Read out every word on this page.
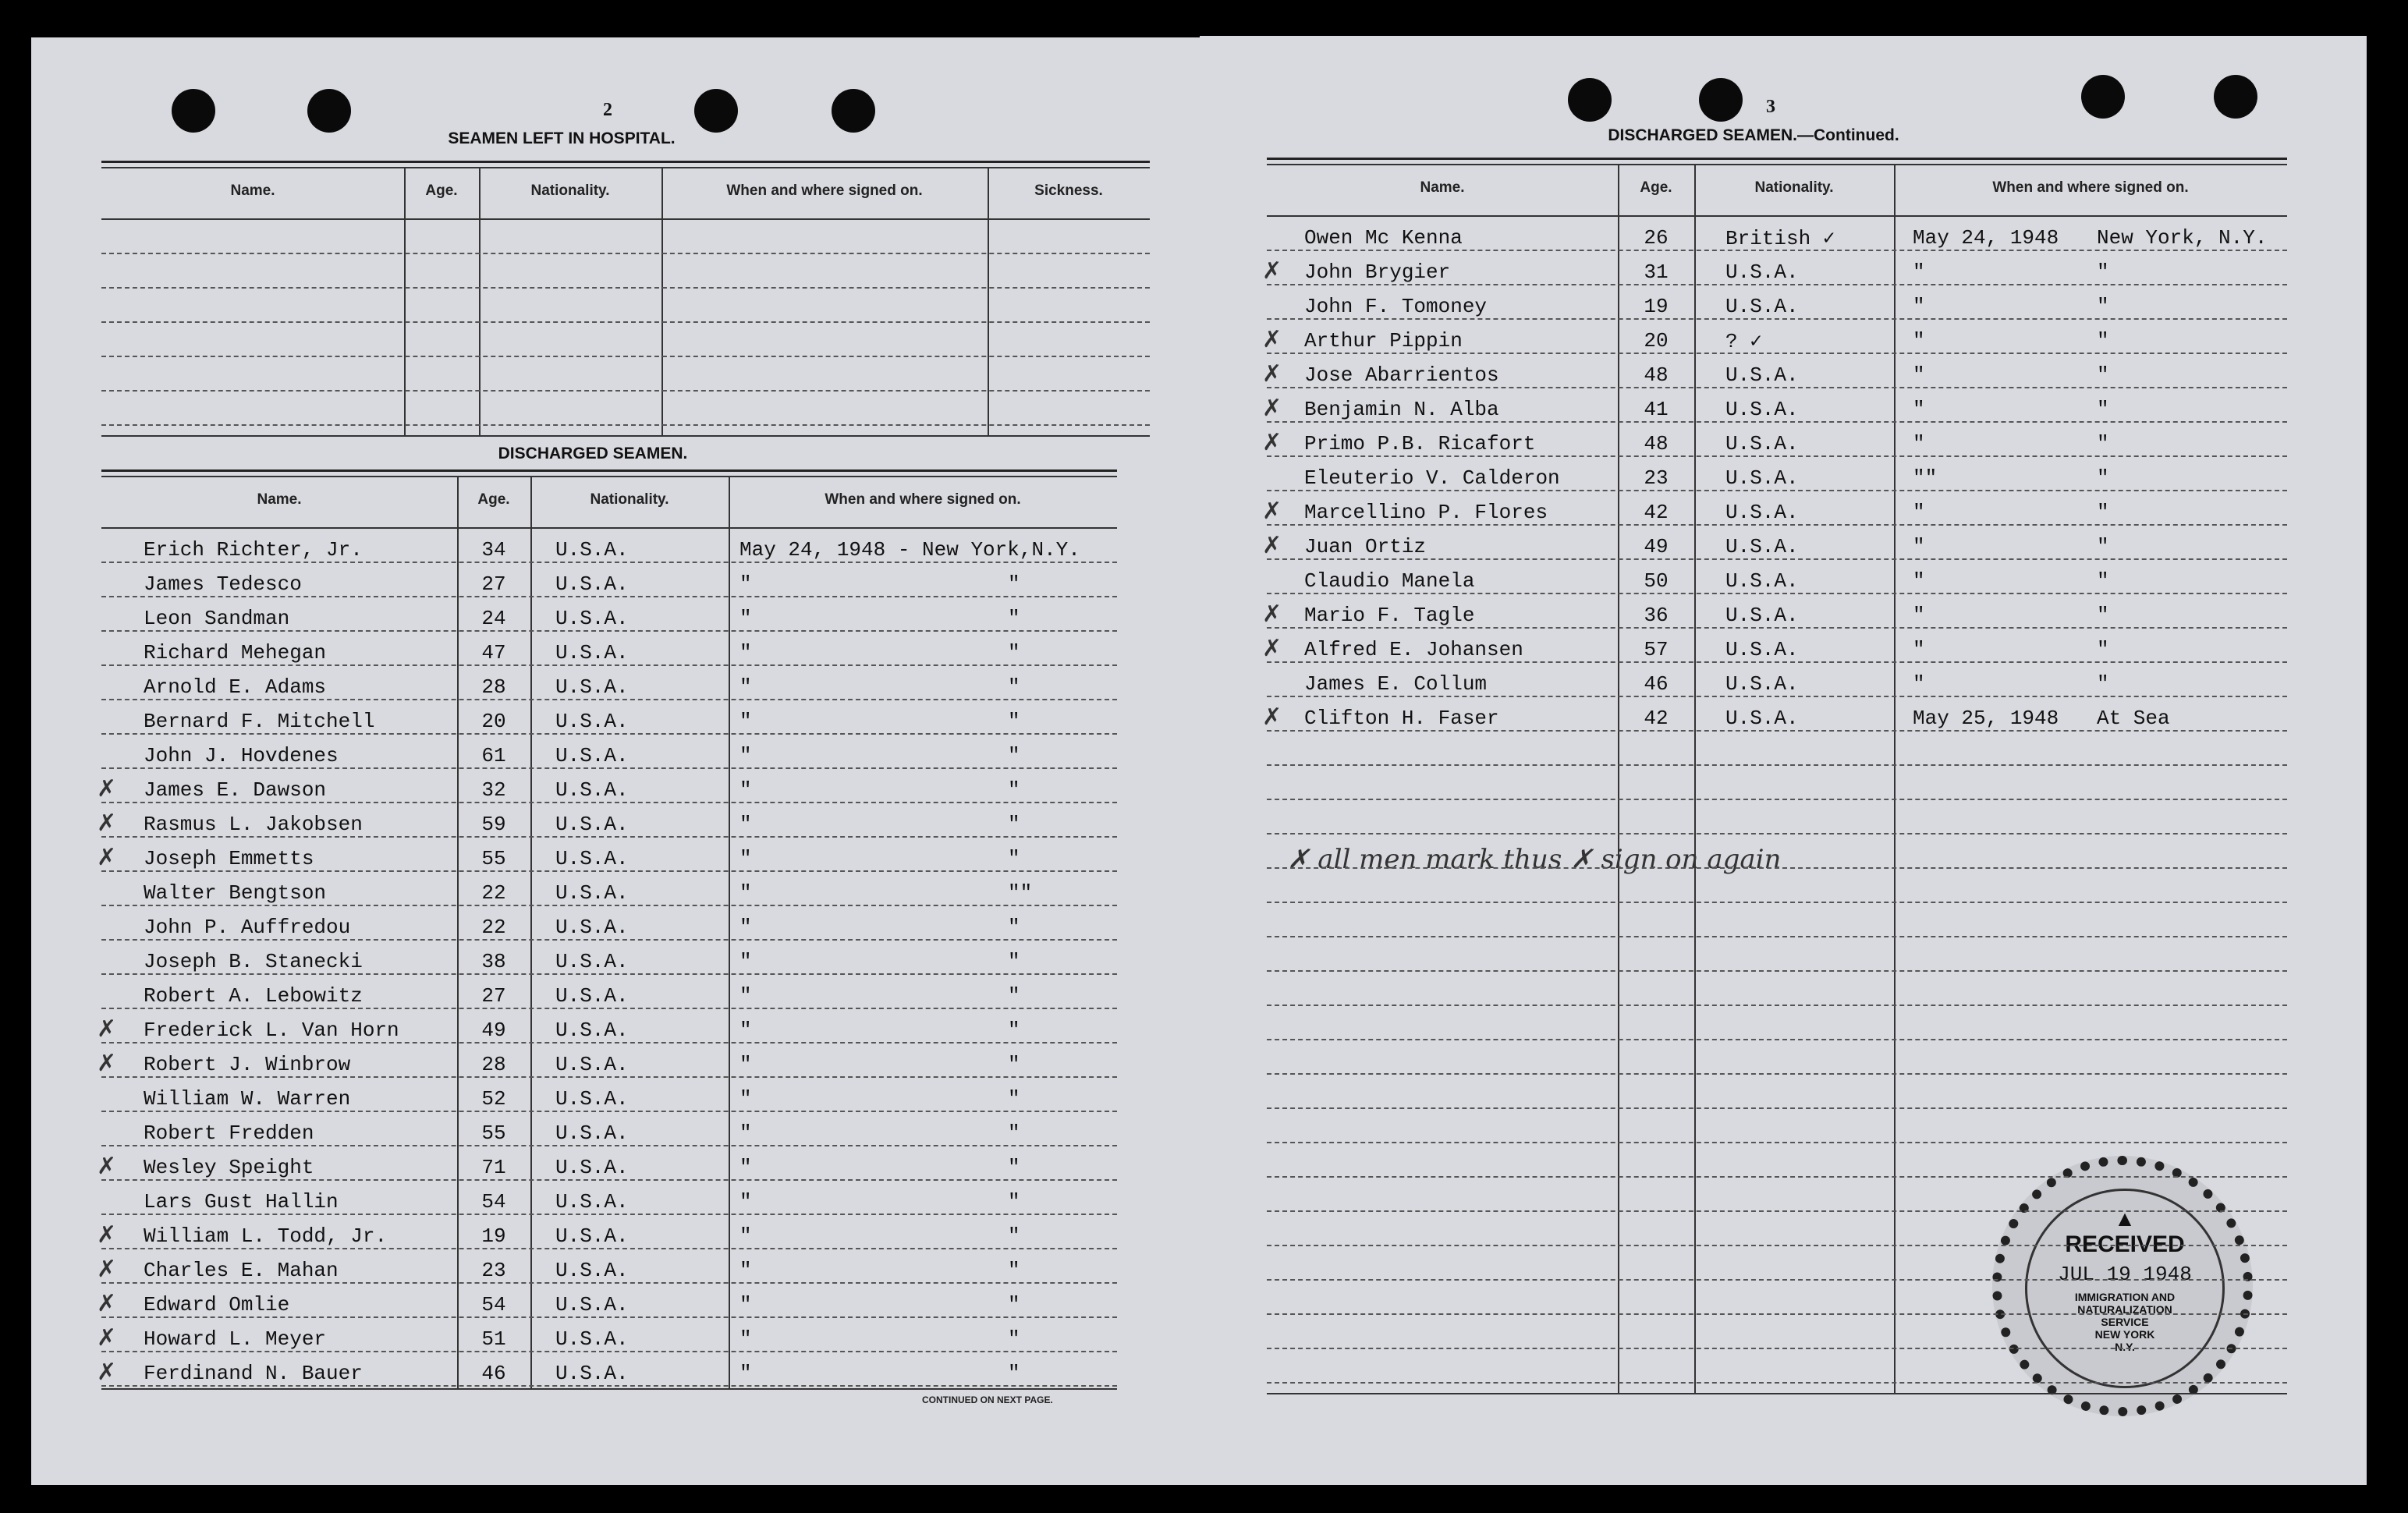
2
SEAMEN LEFT IN HOSPITAL.
DISCHARGED SEAMEN.
CONTINUED ON NEXT PAGE.
Name.	Age.	Nationality.	When and where signed on.	Sickness.
Name.	Age.	Nationality.	When and where signed on.
Erich Richter, Jr.	34	U.S.A.	May 24, 1948 - New York,N.Y.
James Tedesco	27	U.S.A.	"	"
Leon Sandman	24	U.S.A.	"	"
Richard Mehegan	47	U.S.A.	"	"
Arnold E. Adams	28	U.S.A.	"	"
Bernard F. Mitchell	20	U.S.A.	"	"
John J. Hovdenes	61	U.S.A.	"	"
✗ James E. Dawson	32	U.S.A.	"	"
✗ Rasmus L. Jakobsen	59	U.S.A.	"	"
✗ Joseph Emmetts	55	U.S.A.	"	"
Walter Bengtson	22	U.S.A.	"	""
John P. Auffredou	22	U.S.A.	"	"
Joseph B. Stanecki	38	U.S.A.	"	"
Robert A. Lebowitz	27	U.S.A.	"	"
✗ Frederick L. Van Horn	49	U.S.A.	"	"
✗ Robert J. Winbrow	28	U.S.A.	"	"
William W. Warren	52	U.S.A.	"	"
Robert Fredden	55	U.S.A.	"	"
✗ Wesley Speight	71	U.S.A.	"	"
Lars Gust Hallin	54	U.S.A.	"	"
✗ William L. Todd, Jr.	19	U.S.A.	"	"
✗ Charles E. Mahan	23	U.S.A.	"	"
✗ Edward Omlie	54	U.S.A.	"	"
✗ Howard L. Meyer	51	U.S.A.	"	"
✗ Ferdinand N. Bauer	46	U.S.A.	"	"
3
DISCHARGED SEAMEN.—Continued.
✗ all men mark thus ✗ sign on again
▲
RECEIVED
JUL 19 1948
IMMIGRATION AND
NATURALIZATION
SERVICE
NEW YORK
N.Y.
Name.	Age.	Nationality.	When and where signed on.
Owen Mc Kenna	26	British ✓	May 24, 1948 New York, N.Y.
✗ John Brygier	31	U.S.A.	"	"
John F. Tomoney	19	U.S.A.	"	"
✗ Arthur Pippin	20	? ✓	"	"
✗ Jose Abarrientos	48	U.S.A.	"	"
✗ Benjamin N. Alba	41	U.S.A.	"	"
✗ Primo P.B. Ricafort	48	U.S.A.	"	"
Eleuterio V. Calderon	23	U.S.A.	""	"
✗ Marcellino P. Flores	42	U.S.A.	"	"
✗ Juan Ortiz	49	U.S.A.	"	"
Claudio Manela	50	U.S.A.	"	"
✗ Mario F. Tagle	36	U.S.A.	"	"
✗ Alfred E. Johansen	57	U.S.A.	"	"
James E. Collum	46	U.S.A.	"	"
✗ Clifton H. Faser	42	U.S.A.	May 25, 1948 At Sea
